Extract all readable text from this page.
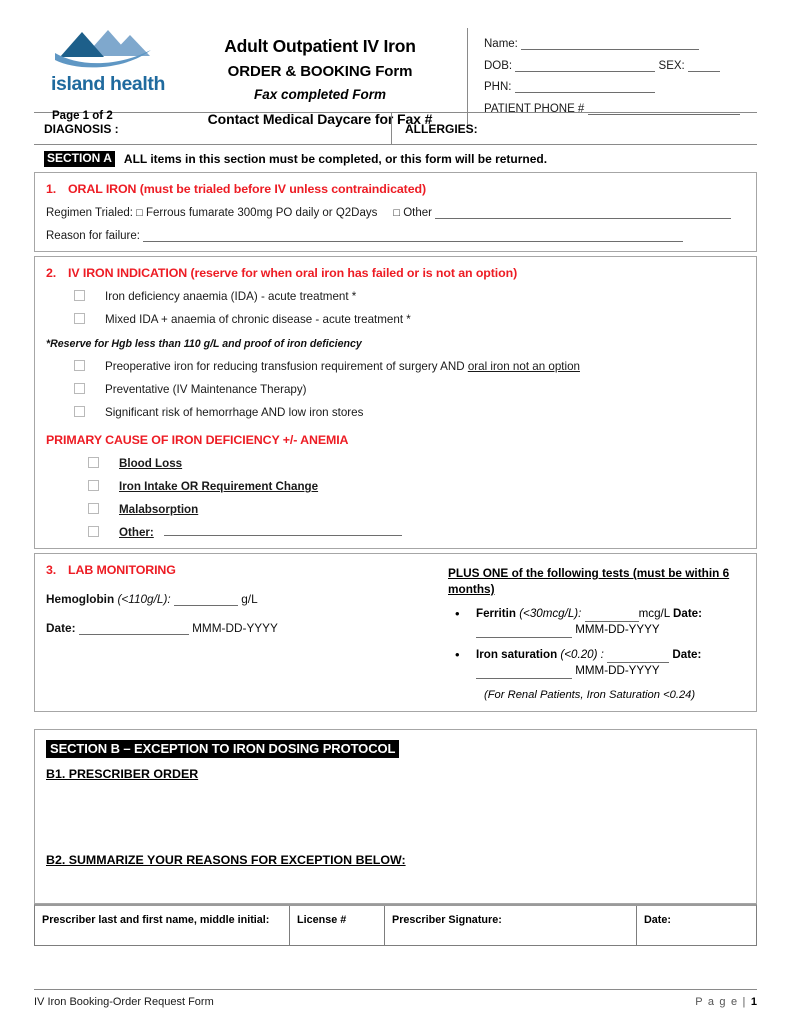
island health
Page 1 of 2
Adult Outpatient IV Iron
ORDER & BOOKING Form
Fax completed Form
Contact Medical Daycare for Fax #
Name:
DOB:	SEX:
PHN:
PATIENT PHONE #
DIAGNOSIS :	ALLERGIES:
SECTION A ALL items in this section must be completed, or this form will be returned.
1. ORAL IRON (must be trialed before IV unless contraindicated)
Regimen Trialed: □ Ferrous fumarate 300mg PO daily or Q2Days □ Other
Reason for failure:
2. IV IRON INDICATION (reserve for when oral iron has failed or is not an option)
Iron deficiency anaemia (IDA) - acute treatment *
Mixed IDA + anaemia of chronic disease - acute treatment *
*Reserve for Hgb less than 110 g/L and proof of iron deficiency
Preoperative iron for reducing transfusion requirement of surgery AND oral iron not an option
Preventative (IV Maintenance Therapy)
Significant risk of hemorrhage AND low iron stores
PRIMARY CAUSE OF IRON DEFICIENCY +/- ANEMIA
Blood Loss
Iron Intake OR Requirement Change
Malabsorption
Other:
3. LAB MONITORING
Hemoglobin (<110g/L):	g/L
Date:	MMM-DD-YYYY
PLUS ONE of the following tests (must be within 6 months)
•	Ferritin (<30mcg/L):	mcg/L Date:  MMM-DD-YYYY
•	Iron saturation (<0.20) :	Date:  MMM-DD-YYYY
(For Renal Patients, Iron Saturation <0.24)
SECTION B – EXCEPTION TO IRON DOSING PROTOCOL
B1. PRESCRIBER ORDER
B2. SUMMARIZE YOUR REASONS FOR EXCEPTION BELOW:
Prescriber last and first name, middle initial:	License #	Prescriber Signature:	Date:
IV Iron Booking-Order Request Form	P a g e | 1
